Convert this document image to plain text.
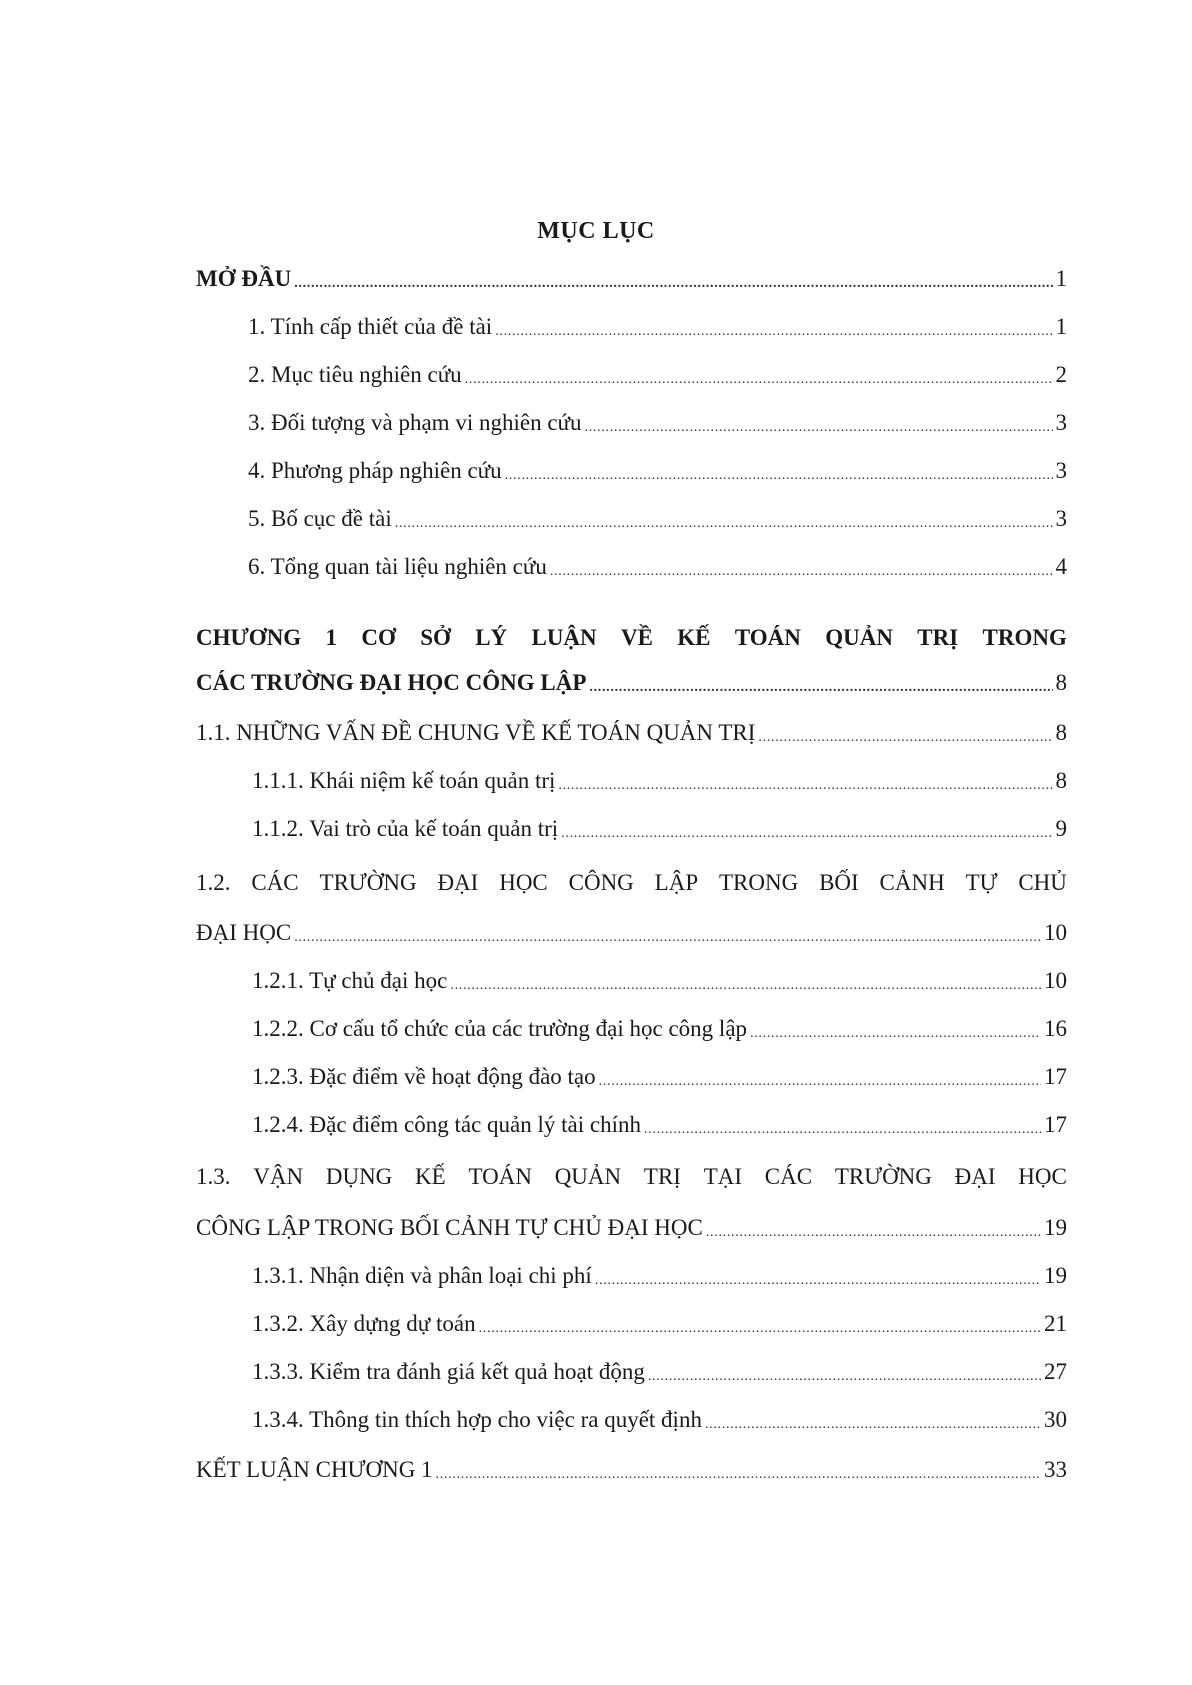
MỤC LỤC
MỞ ĐẦU . . .	1
1. Tính cấp thiết của đề tài . . .	1
2. Mục tiêu nghiên cứu . . .	2
3. Đối tượng và phạm vi nghiên cứu . . .	3
4. Phương pháp nghiên cứu . . .	3
5. Bố cục đề tài . . .	3
6. Tổng quan tài liệu nghiên cứu . . .	4
CHƯƠNG 1 CƠ SỞ LÝ LUẬN VỀ KẾ TOÁN QUẢN TRỊ TRONG
CÁC TRƯỜNG ĐẠI HỌC CÔNG LẬP . . .	8
1.1. NHỮNG VẤN ĐỀ CHUNG VỀ KẾ TOÁN QUẢN TRỊ . . .	8
1.1.1. Khái niệm kế toán quản trị . . .	8
1.1.2. Vai trò của kế toán quản trị . . .	9
1.2. CÁC TRƯỜNG ĐẠI HỌC CÔNG LẬP TRONG BỐI CẢNH TỰ CHỦ
ĐẠI HỌC . . .	10
1.2.1. Tự chủ đại học . . .	10
1.2.2. Cơ cấu tổ chức của các trường đại học công lập . . .	16
1.2.3. Đặc điểm về hoạt động đào tạo . . .	17
1.2.4. Đặc điểm công tác quản lý tài chính . . .	17
1.3. VẬN DỤNG KẾ TOÁN QUẢN TRỊ TẠI CÁC TRƯỜNG ĐẠI HỌC
CÔNG LẬP TRONG BỐI CẢNH TỰ CHỦ ĐẠI HỌC . . .	19
1.3.1. Nhận diện và phân loại chi phí . . .	19
1.3.2. Xây dựng dự toán . . .	21
1.3.3. Kiểm tra đánh giá kết quả hoạt động . . .	27
1.3.4. Thông tin thích hợp cho việc ra quyết định . . .	30
KẾT LUẬN CHƯƠNG 1 . . .	33
